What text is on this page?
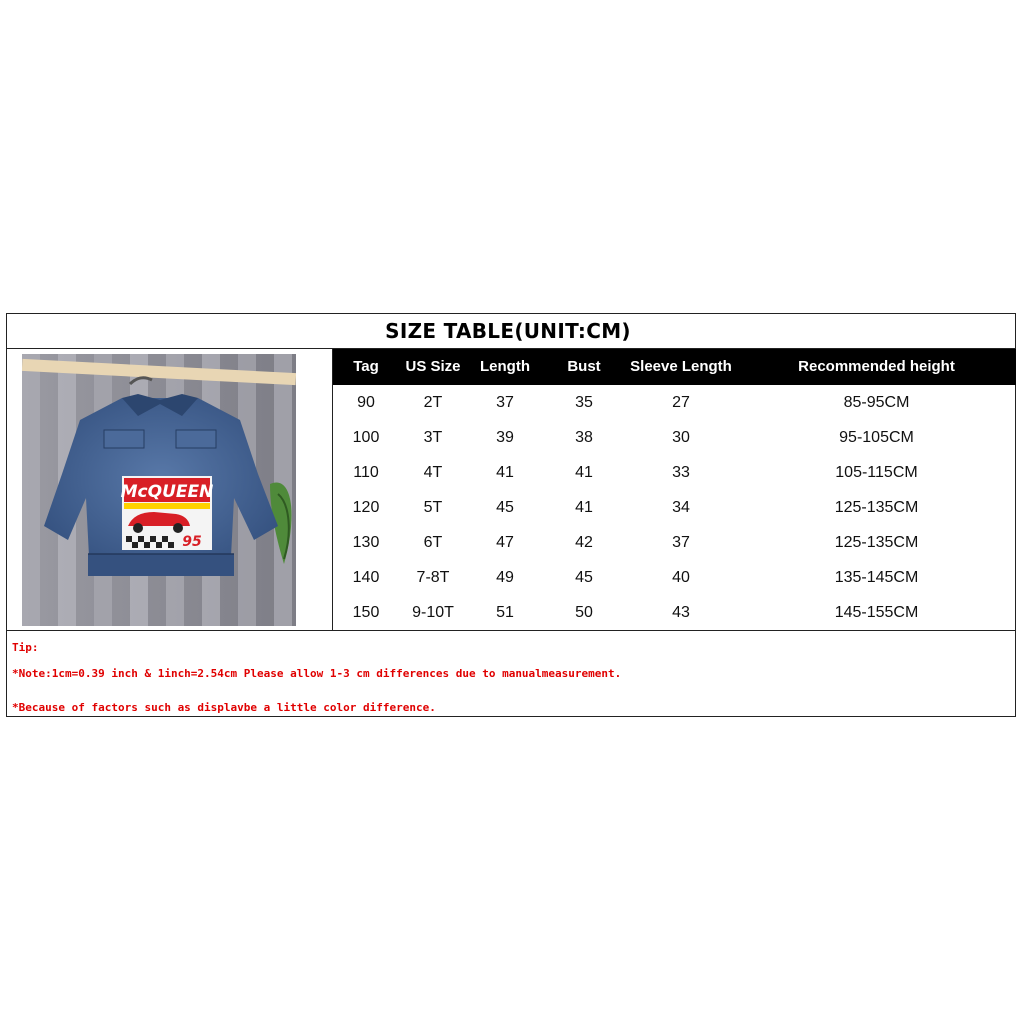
SIZE TABLE(UNIT:CM)
McQUEEN
95
Tag	US Size	Length	Bust	Sleeve Length	Recommended height
90	2T	37	35	27	85-95CM
100	3T	39	38	30	95-105CM
110	4T	41	41	33	105-115CM
120	5T	45	41	34	125-135CM
130	6T	47	42	37	125-135CM
140	7-8T	49	45	40	135-145CM
150	9-10T	51	50	43	145-155CM
Tip:
*Note:1cm=0.39 inch & 1inch=2.54cm Please allow 1-3 cm differences due to manualmeasurement.
*Because of factors such as displavbe a little color difference.
